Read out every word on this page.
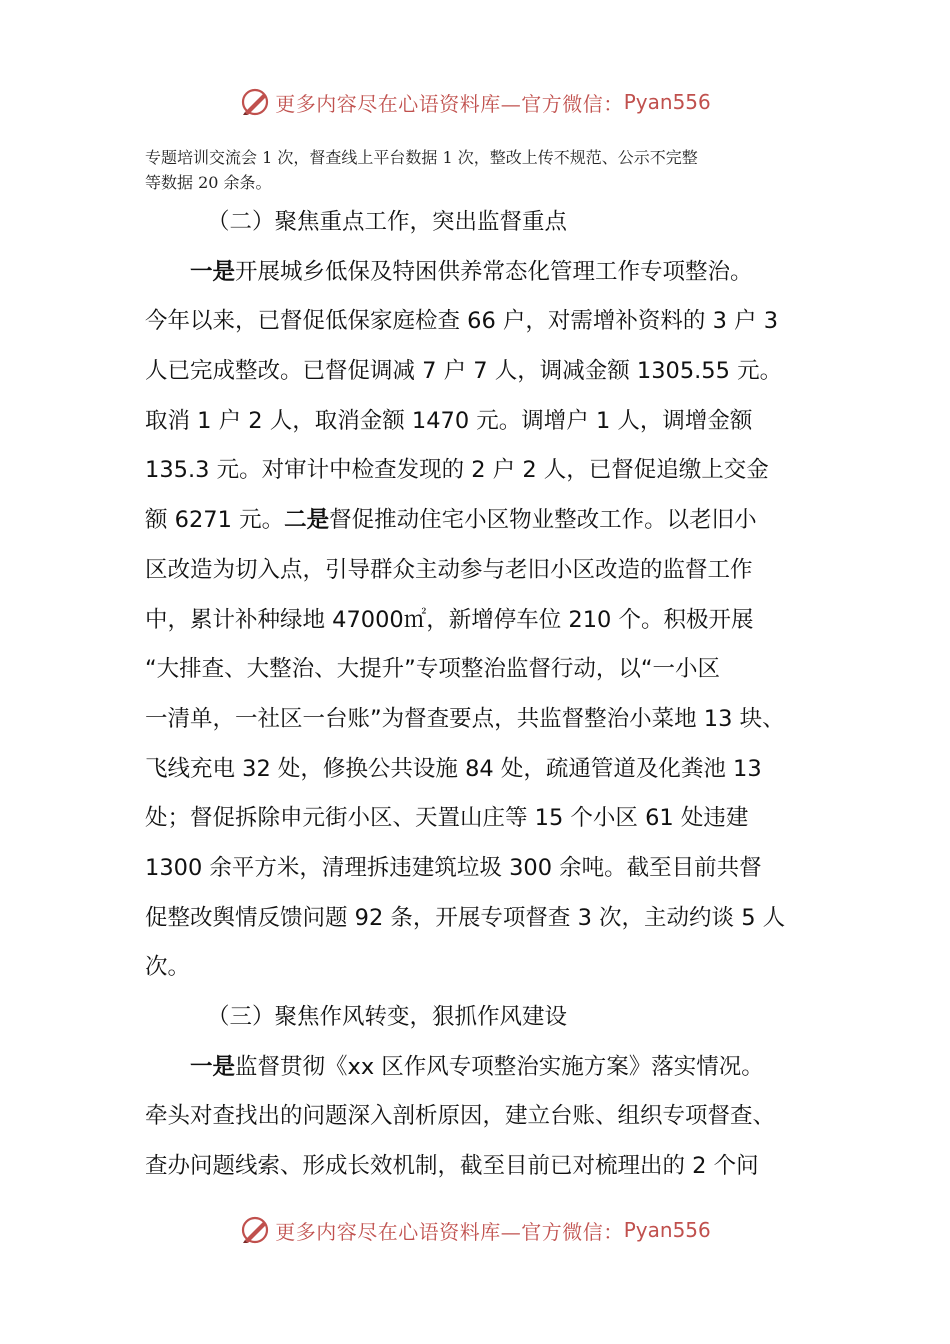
更多内容尽在心语资料库—官方微信： Pyan556
专题培训交流会 1 次，督查线上平台数据 1 次，整改上传不规范、公示不完整
等数据 20 余条。
（二）聚焦重点工作，突出监督重点
一是开展城乡低保及特困供养常态化管理工作专项整治。
今年以来，已督促低保家庭检查 66 户，对需增补资料的 3 户 3
人已完成整改。已督促调减 7 户 7 人，调减金额 1305.55 元。
取消 1 户 2 人，取消金额 1470 元。调增户 1 人，调增金额
135.3 元。对审计中检查发现的 2 户 2 人，已督促追缴上交金
额 6271 元。二是督促推动住宅小区物业整改工作。以老旧小
区改造为切入点，引导群众主动参与老旧小区改造的监督工作
中，累计补种绿地 47000㎡，新增停车位 210 个。积极开展
“大排查、大整治、大提升”专项整治监督行动，以“一小区
一清单，一社区一台账”为督查要点，共监督整治小菜地 13 块、
飞线充电 32 处，修换公共设施 84 处，疏通管道及化粪池 13
处；督促拆除申元街小区、天置山庄等 15 个小区 61 处违建
1300 余平方米，清理拆违建筑垃圾 300 余吨。截至目前共督
促整改舆情反馈问题 92 条，开展专项督查 3 次，主动约谈 5 人
次。
（三）聚焦作风转变，狠抓作风建设
一是监督贯彻《xx 区作风专项整治实施方案》落实情况。
牵头对查找出的问题深入剖析原因，建立台账、组织专项督查、
查办问题线索、形成长效机制，截至目前已对梳理出的 2 个问
更多内容尽在心语资料库—官方微信： Pyan556
